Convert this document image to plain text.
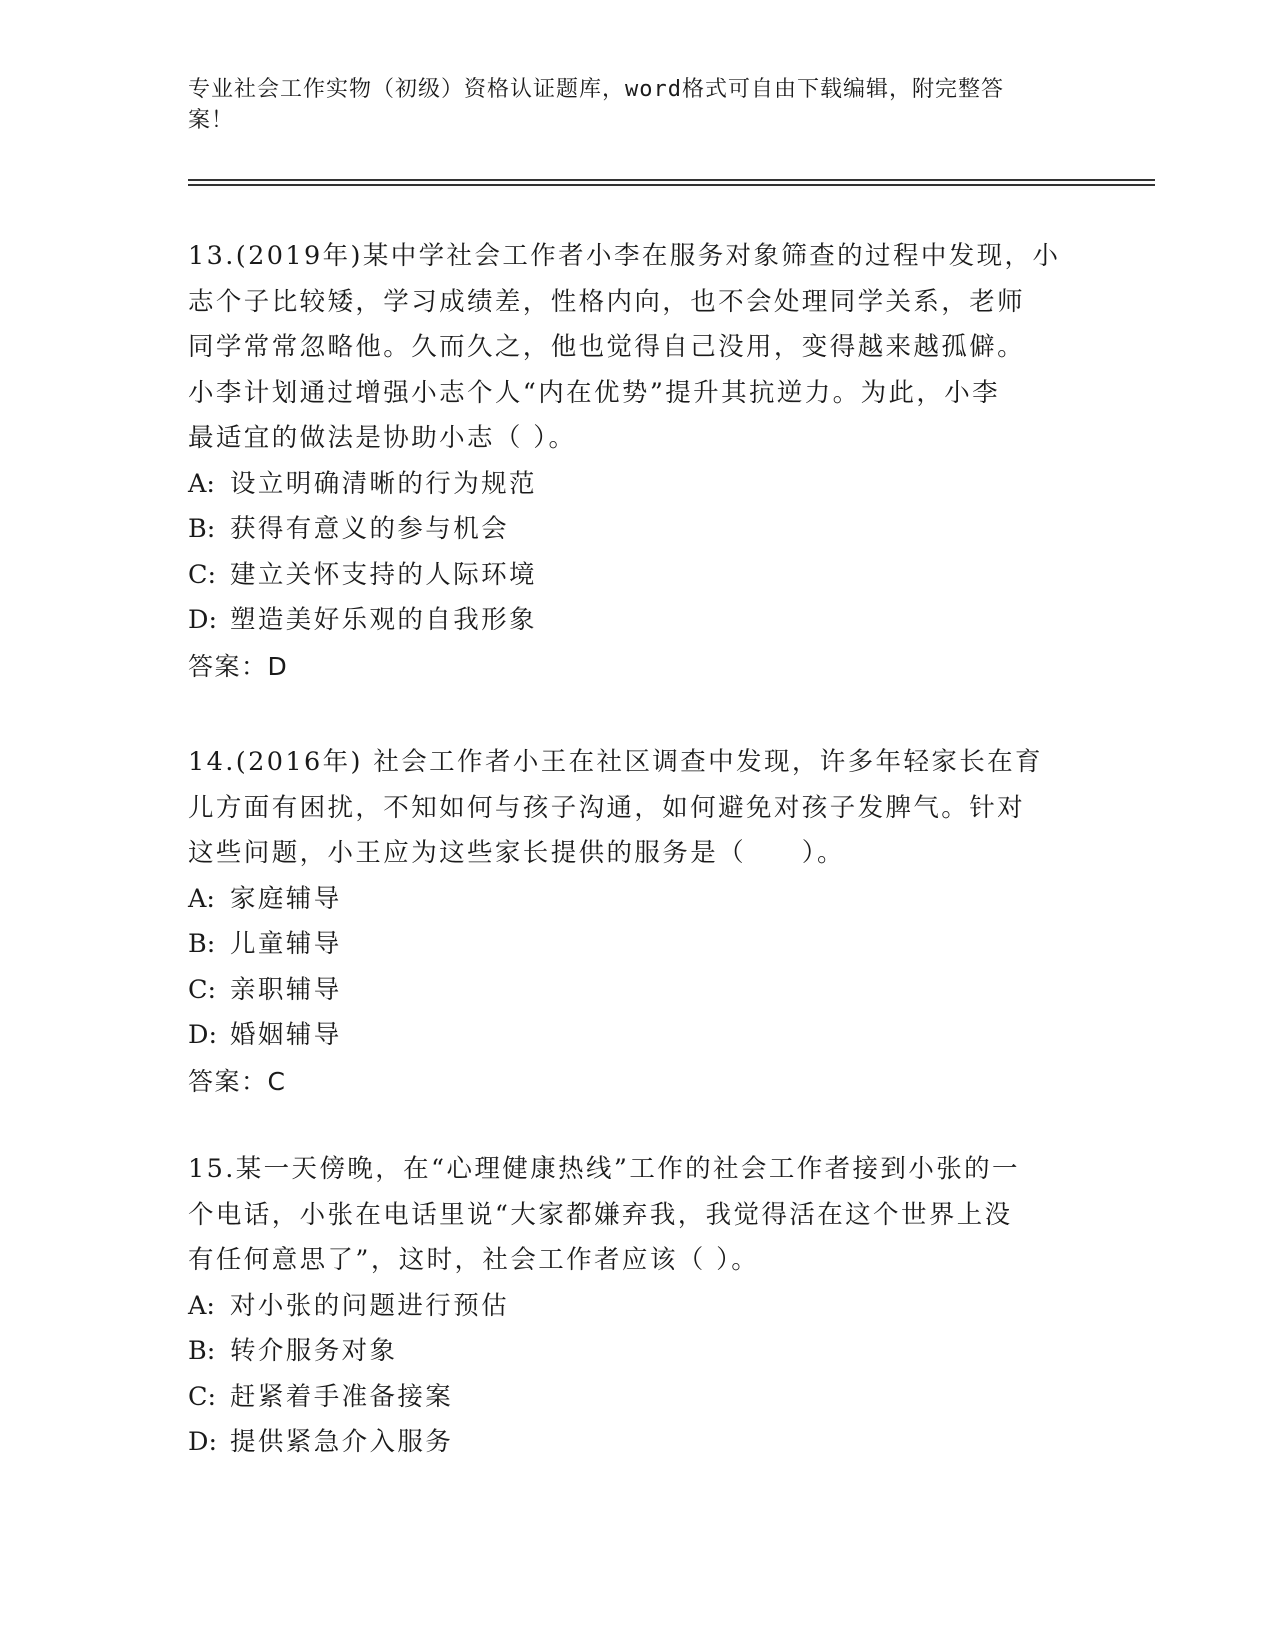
专业社会工作实物（初级）资格认证题库，word格式可自由下载编辑，附完整答
案！
13.(2019年)某中学社会工作者小李在服务对象筛查的过程中发现，小
志个子比较矮，学习成绩差，性格内向，也不会处理同学关系，老师
同学常常忽略他。久而久之，他也觉得自己没用，变得越来越孤僻。
小李计划通过增强小志个人“内在优势”提升其抗逆力。为此，小李
最适宜的做法是协助小志（ ）。
A: 设立明确清晰的行为规范
B: 获得有意义的参与机会
C: 建立关怀支持的人际环境
D: 塑造美好乐观的自我形象
答案：D
14.(2016年) 社会工作者小王在社区调查中发现，许多年轻家长在育
儿方面有困扰，不知如何与孩子沟通，如何避免对孩子发脾气。针对
这些问题，小王应为这些家长提供的服务是（　　）。
A: 家庭辅导
B: 儿童辅导
C: 亲职辅导
D: 婚姻辅导
答案：C
15.某一天傍晚，在“心理健康热线”工作的社会工作者接到小张的一
个电话，小张在电话里说“大家都嫌弃我，我觉得活在这个世界上没
有任何意思了”，这时，社会工作者应该（ ）。
A: 对小张的问题进行预估
B: 转介服务对象
C: 赶紧着手准备接案
D: 提供紧急介入服务
